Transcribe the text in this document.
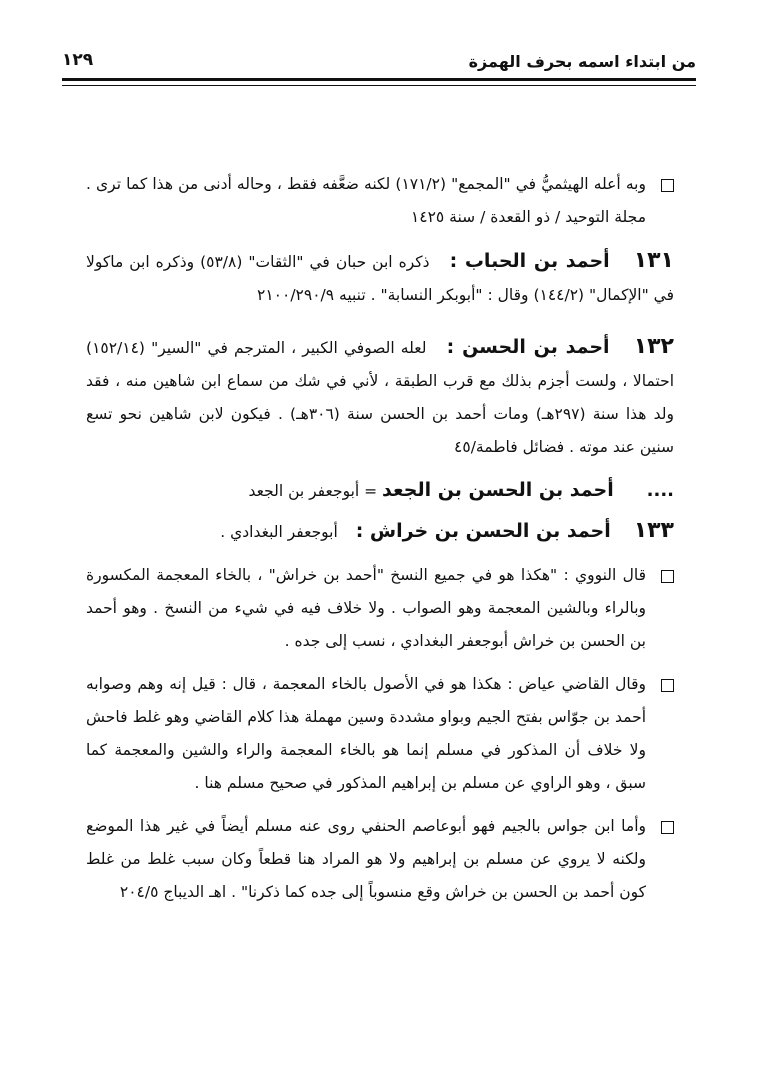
من ابتداء اسمه بحرف الهمزة
١٢٩
وبه أعله الهيثميُّ في "المجمع" (١٧١/٢) لكنه ضعَّفه فقط ، وحاله أدنى من هذا كما ترى . مجلة التوحيد / ذو القعدة / سنة ١٤٢٥
١٣١ أحمد بن الحباب :  ذكره ابن حبان في "الثقات" (٥٣/٨) وذكره ابن ماكولا في "الإكمال" (١٤٤/٢) وقال : "أبوبكر النسابة" . تنبيه ٢١٠٠/٢٩٠/٩
١٣٢ أحمد بن الحسن :  لعله الصوفي الكبير ، المترجم في "السير" (١٥٢/١٤) احتمالا ، ولست أجزم بذلك مع قرب الطبقة ، لأني في شك من سماع ابن شاهين منه ، فقد ولد هذا سنة (٢٩٧هـ) ومات أحمد بن الحسن سنة (٣٠٦هـ) . فيكون لابن شاهين نحو تسع سنين عند موته . فضائل فاطمة/٤٥
.... أحمد بن الحسن بن الجعد = أبوجعفر بن الجعد
١٣٣ أحمد بن الحسن بن خراش :  أبوجعفر البغدادي .
قال النووي : "هكذا هو في جميع النسخ "أحمد بن خراش" ، بالخاء المعجمة المكسورة وبالراء وبالشين المعجمة وهو الصواب . ولا خلاف فيه في شيء من النسخ . وهو أحمد بن الحسن بن خراش أبوجعفر البغدادي ، نسب إلى جده .
وقال القاضي عياض : هكذا هو في الأصول بالخاء المعجمة ، قال : قيل إنه وهم وصوابه أحمد بن جوّاس بفتح الجيم وبواو مشددة وسين مهملة هذا كلام القاضي وهو غلط فاحش ولا خلاف أن المذكور في مسلم إنما هو بالخاء المعجمة والراء والشين والمعجمة كما سبق ، وهو الراوي عن مسلم بن إبراهيم المذكور في صحيح مسلم هنا .
وأما ابن جواس بالجيم فهو أبوعاصم الحنفي روى عنه مسلم أيضاً في غير هذا الموضع ولكنه لا يروي عن مسلم بن إبراهيم ولا هو المراد هنا قطعاً وكان سبب غلط من غلط كون أحمد بن الحسن بن خراش وقع منسوباً إلى جده كما ذكرنا" . اهـ الديباج ٢٠٤/٥
